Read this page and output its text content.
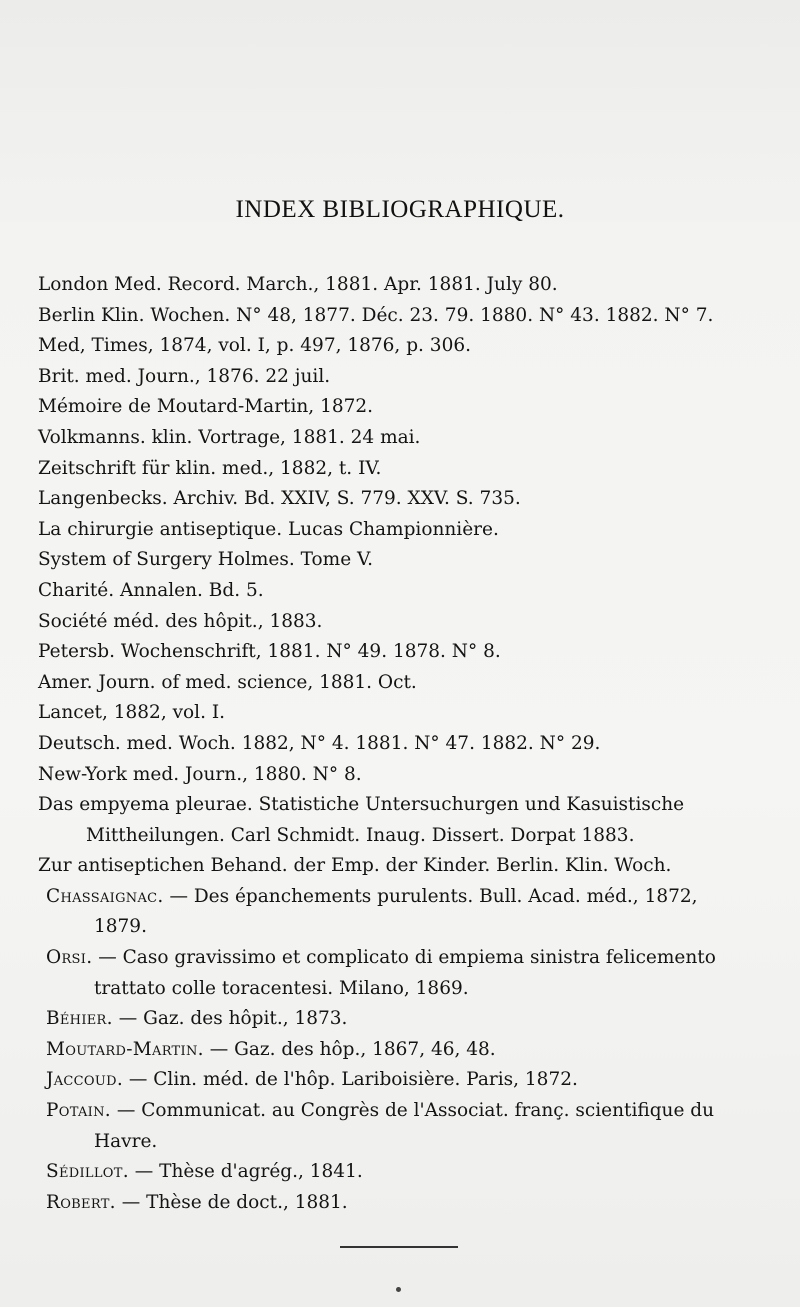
INDEX BIBLIOGRAPHIQUE.
London Med. Record. March., 1881. Apr. 1881. July 80.
Berlin Klin. Wochen. N° 48, 1877. Déc. 23. 79. 1880. N° 43. 1882. N° 7.
Med, Times, 1874, vol. I, p. 497, 1876, p. 306.
Brit. med. Journ., 1876. 22 juil.
Mémoire de Moutard-Martin, 1872.
Volkmanns. klin. Vortrage, 1881. 24 mai.
Zeitschrift für klin. med., 1882, t. IV.
Langenbecks. Archiv. Bd. XXIV, S. 779. XXV. S. 735.
La chirurgie antiseptique. Lucas Championnière.
System of Surgery Holmes. Tome V.
Charité. Annalen. Bd. 5.
Société méd. des hôpit., 1883.
Petersb. Wochenschrift, 1881. N° 49. 1878. N° 8.
Amer. Journ. of med. science, 1881. Oct.
Lancet, 1882, vol. I.
Deutsch. med. Woch. 1882, N° 4. 1881. N° 47. 1882. N° 29.
New-York med. Journ., 1880. N° 8.
Das empyema pleurae. Statistiche Untersuchurgen und Kasuistische
Mittheilungen. Carl Schmidt. Inaug. Dissert. Dorpat 1883.
Zur antiseptichen Behand. der Emp. der Kinder. Berlin. Klin. Woch.
Chassaignac. — Des épanchements purulents. Bull. Acad. méd., 1872,
1879.
Orsi. — Caso gravissimo et complicato di empiema sinistra felicemento
trattato colle toracentesi. Milano, 1869.
Béhier. — Gaz. des hôpit., 1873.
Moutard-Martin. — Gaz. des hôp., 1867, 46, 48.
Jaccoud. — Clin. méd. de l'hôp. Lariboisière. Paris, 1872.
Potain. — Communicat. au Congrès de l'Associat. franç. scientifique du
Havre.
Sédillot. — Thèse d'agrég., 1841.
Robert. — Thèse de doct., 1881.
